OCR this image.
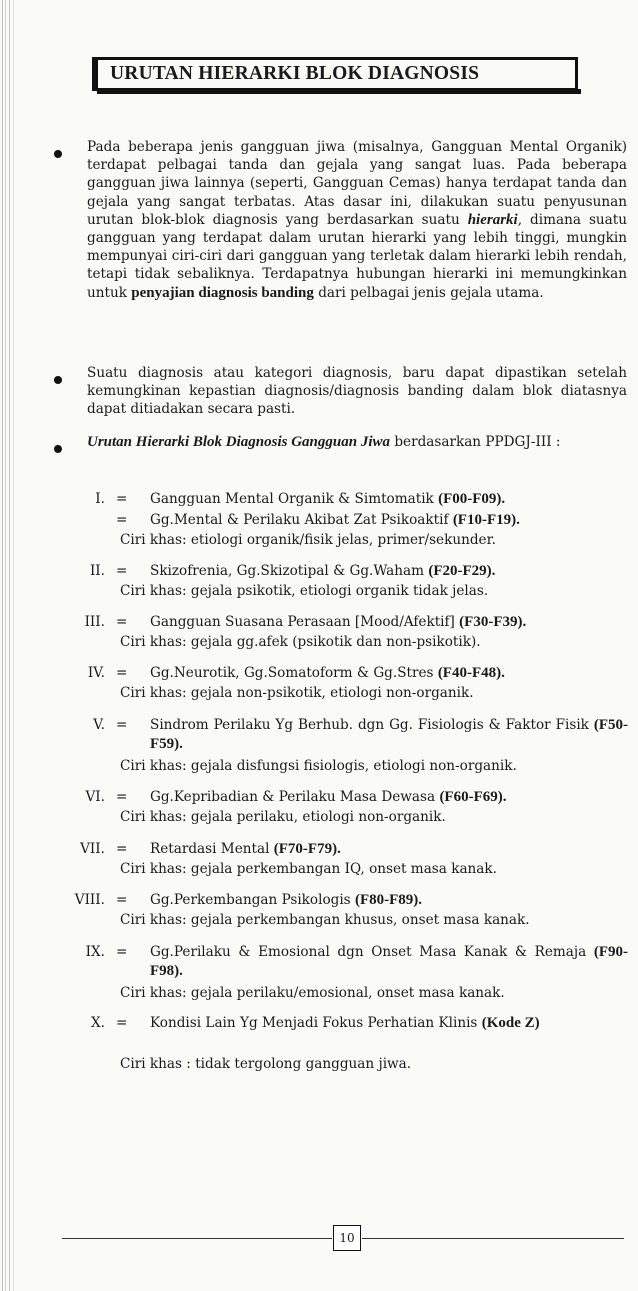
URUTAN HIERARKI BLOK DIAGNOSIS
Pada beberapa jenis gangguan jiwa (misalnya, Gangguan Mental Organik) terdapat pelbagai tanda dan gejala yang sangat luas. Pada beberapa gangguan jiwa lainnya (seperti, Gangguan Cemas) hanya terdapat tanda dan gejala yang sangat terbatas. Atas dasar ini, dilakukan suatu penyusunan urutan blok-blok diagnosis yang berdasarkan suatu hierarki, dimana suatu gangguan yang terdapat dalam urutan hierarki yang lebih tinggi, mungkin mempunyai ciri-ciri dari gangguan yang terletak dalam hierarki lebih rendah, tetapi tidak sebaliknya. Terdapatnya hubungan hierarki ini memungkinkan untuk penyajian diagnosis banding dari pelbagai jenis gejala utama.
Suatu diagnosis atau kategori diagnosis, baru dapat dipastikan setelah kemungkinan kepastian diagnosis/diagnosis banding dalam blok diatasnya dapat ditiadakan secara pasti.
Urutan Hierarki Blok Diagnosis Gangguan Jiwa berdasarkan PPDGJ-III :
I. = Gangguan Mental Organik & Simtomatik (F00-F09).
= Gg.Mental & Perilaku Akibat Zat Psikoaktif (F10-F19).
Ciri khas: etiologi organik/fisik jelas, primer/sekunder.
II. = Skizofrenia, Gg.Skizotipal & Gg.Waham (F20-F29).
Ciri khas: gejala psikotik, etiologi organik tidak jelas.
III. = Gangguan Suasana Perasaan [Mood/Afektif] (F30-F39).
Ciri khas: gejala gg.afek (psikotik dan non-psikotik).
IV. = Gg.Neurotik, Gg.Somatoform & Gg.Stres (F40-F48).
Ciri khas: gejala non-psikotik, etiologi non-organik.
V. = Sindrom Perilaku Yg Berhub. dgn Gg. Fisiologis & Faktor Fisik (F50-F59).
Ciri khas: gejala disfungsi fisiologis, etiologi non-organik.
VI. = Gg.Kepribadian & Perilaku Masa Dewasa (F60-F69).
Ciri khas: gejala perilaku, etiologi non-organik.
VII. = Retardasi Mental (F70-F79).
Ciri khas: gejala perkembangan IQ, onset masa kanak.
VIII. = Gg.Perkembangan Psikologis (F80-F89).
Ciri khas: gejala perkembangan khusus, onset masa kanak.
IX. = Gg.Perilaku & Emosional dgn Onset Masa Kanak & Remaja (F90-F98).
Ciri khas: gejala perilaku/emosional, onset masa kanak.
X. = Kondisi Lain Yg Menjadi Fokus Perhatian Klinis (Kode Z)
Ciri khas : tidak tergolong gangguan jiwa.
10
